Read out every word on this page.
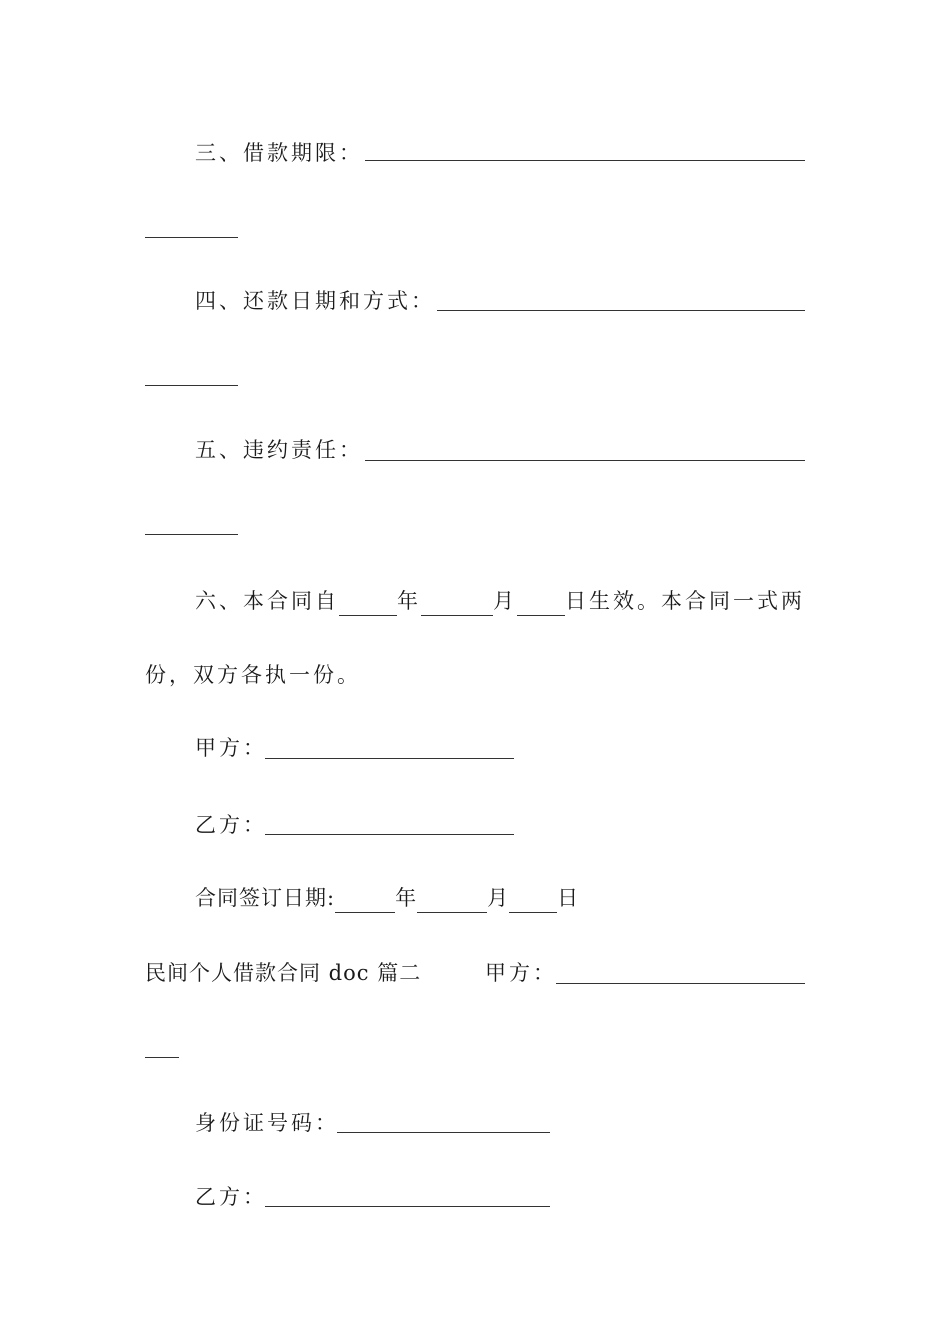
三、借款期限：
四、还款日期和方式：
五、违约责任：
六、本合同自	年	月 日生效。本合同一式两
份，双方各执一份。
甲方：
乙方：
合同签订日期:	年	月 日
民间个人借款合同 doc 篇二	甲方：
身份证号码：
乙方：
